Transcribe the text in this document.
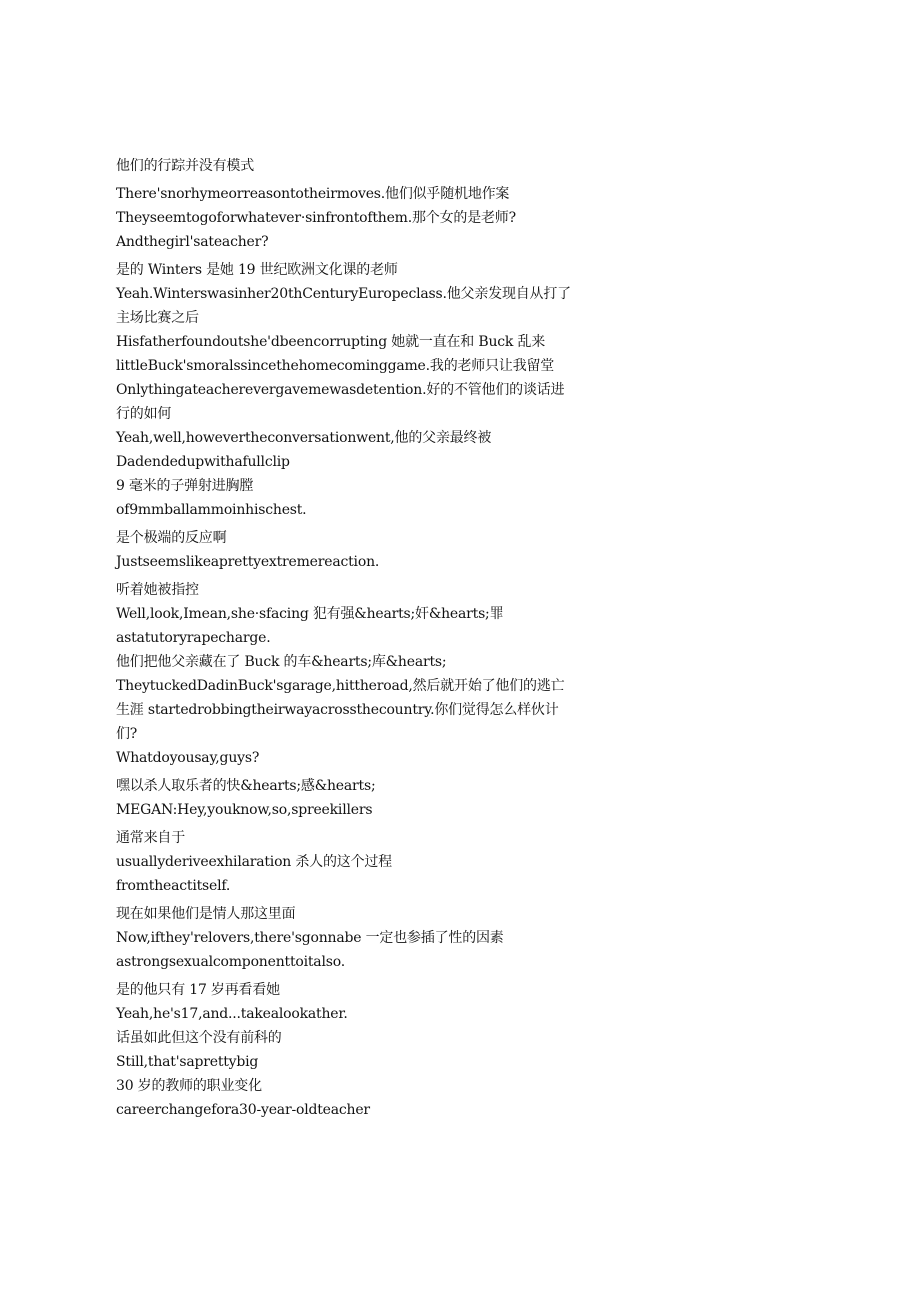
他们的行踪并没有模式
There'snorhymeorreasontotheirmoves.他们似乎随机地作案
Theyseemtogoforwhatever·sinfrontofthem.那个女的是老师?
Andthegirl'sateacher?
是的 Winters 是她 19 世纪欧洲文化课的老师
Yeah.Winterswasinher20thCenturyEuropeclass.他父亲发现自从打了
主场比赛之后
Hisfatherfoundoutshe'dbeencorrupting 她就一直在和 Buck 乱来
littleBuck'smoralssincethehomecominggame.我的老师只让我留堂
Onlythingateacherevergavemewasdetention.好的不管他们的谈话进
行的如何
Yeah,well,howevertheconversationwent,他的父亲最终被
Dadendedupwithafullclip
9 毫米的子弹射进胸膛
of9mmballammoinhischest.
是个极端的反应啊
Justseemslikeaprettyextremereaction.
听着她被指控
Well,look,Imean,she·sfacing 犯有强&hearts;奸&hearts;罪
astatutoryrapecharge.
他们把他父亲藏在了 Buck 的车&hearts;库&hearts;
TheytuckedDadinBuck'sgarage,hittheroad,然后就开始了他们的逃亡
生涯 startedrobbingtheirwayacrossthecountry.你们觉得怎么样伙计
们?
Whatdoyousay,guys?
嘿以杀人取乐者的快&hearts;感&hearts;
MEGAN:Hey,youknow,so,spreekillers
通常来自于
usuallyderiveexhilaration 杀人的这个过程
fromtheactitself.
现在如果他们是情人那这里面
Now,ifthey'relovers,there'sgonnabe 一定也参插了性的因素
astrongsexualcomponenttoitalso.
是的他只有 17 岁再看看她
Yeah,he's17,and...takealookather.
话虽如此但这个没有前科的
Still,that'saprettybig
30 岁的教师的职业变化
careerchangefora30-year-oldteacher
